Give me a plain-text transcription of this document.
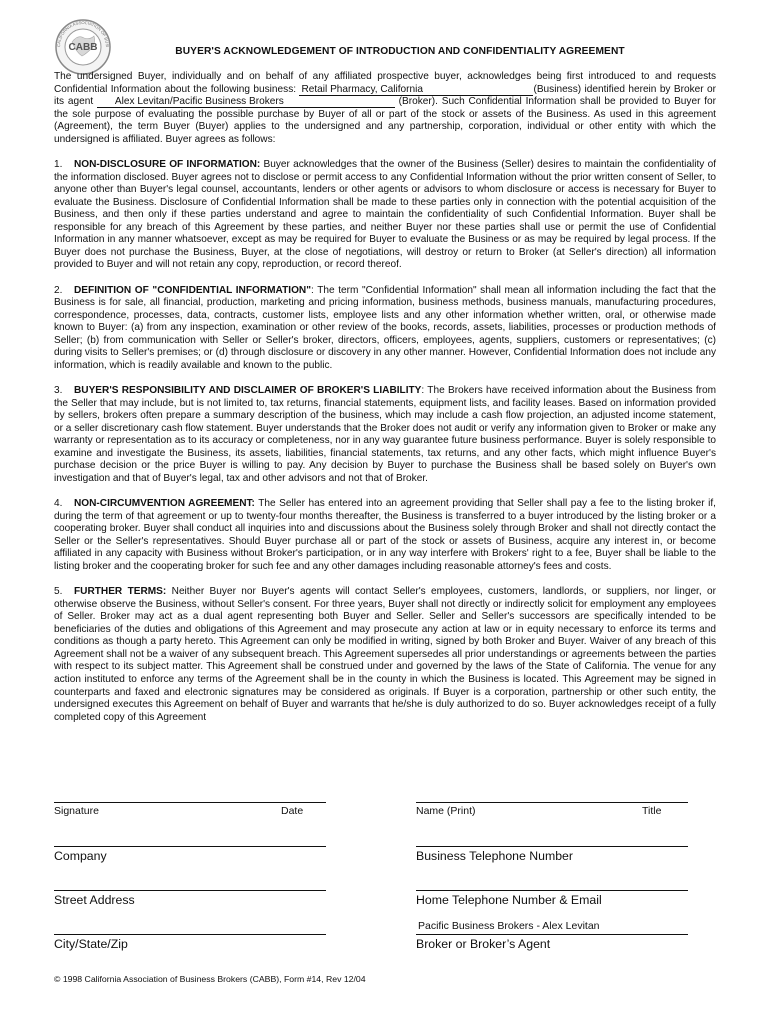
CABB
CALIFORNIA ASSOCIATION OF BUSI	BUYER'S ACKNOWLEDGEMENT OF INTRODUCTION AND CONFIDENTIALITY AGREEMENT

The undersigned Buyer, individually and on behalf of any affiliated prospective buyer, acknowledges being first introduced to and requests Confidential Information about the following business: Retail Pharmacy, California	(Business) identified herein by Broker or its agent Alex Levitan/Pacific Business Brokers	(Broker). Such Confidential Information shall be provided to Buyer for the sole purpose of evaluating the possible purchase by Buyer of all or part of the stock or assets of the Business. As used in this agreement (Agreement), the term Buyer (Buyer) applies to the undersigned and any partnership, corporation, individual or other entity with which the undersigned is affiliated. Buyer agrees as follows:

1. NON-DISCLOSURE OF INFORMATION: Buyer acknowledges that the owner of the Business (Seller) desires to maintain the confidentiality of the information disclosed. Buyer agrees not to disclose or permit access to any Confidential Information without the prior written consent of Seller, to anyone other than Buyer's legal counsel, accountants, lenders or other agents or advisors to whom disclosure or access is necessary for Buyer to evaluate the Business. Disclosure of Confidential Information shall be made to these parties only in connection with the potential acquisition of the Business, and then only if these parties understand and agree to maintain the confidentiality of such Confidential Information. Buyer shall be responsible for any breach of this Agreement by these parties, and neither Buyer nor these parties shall use or permit the use of Confidential Information in any manner whatsoever, except as may be required for Buyer to evaluate the Business or as may be required by legal process. If the Buyer does not purchase the Business, Buyer, at the close of negotiations, will destroy or return to Broker (at Seller's direction) all information provided to Buyer and will not retain any copy, reproduction, or record thereof.

2. DEFINITION OF "CONFIDENTIAL INFORMATION": The term "Confidential Information" shall mean all information including the fact that the Business is for sale, all financial, production, marketing and pricing information, business methods, business manuals, manufacturing procedures, correspondence, processes, data, contracts, customer lists, employee lists and any other information whether written, oral, or otherwise made known to Buyer: (a) from any inspection, examination or other review of the books, records, assets, liabilities, processes or production methods of Seller; (b) from communication with Seller or Seller's broker, directors, officers, employees, agents, suppliers, customers or representatives; (c) during visits to Seller's premises; or (d) through disclosure or discovery in any other manner. However, Confidential Information does not include any information, which is readily available and known to the public.

3. BUYER'S RESPONSIBILITY AND DISCLAIMER OF BROKER'S LIABILITY: The Brokers have received information about the Business from the Seller that may include, but is not limited to, tax returns, financial statements, equipment lists, and facility leases. Based on information provided by sellers, brokers often prepare a summary description of the business, which may include a cash flow projection, an adjusted income statement, or a seller discretionary cash flow statement. Buyer understands that the Broker does not audit or verify any information given to Broker or make any warranty or representation as to its accuracy or completeness, nor in any way guarantee future business performance. Buyer is solely responsible to examine and investigate the Business, its assets, liabilities, financial statements, tax returns, and any other facts, which might influence Buyer's purchase decision or the price Buyer is willing to pay. Any decision by Buyer to purchase the Business shall be based solely on Buyer's own investigation and that of Buyer's legal, tax and other advisors and not that of Broker.

4. NON-CIRCUMVENTION AGREEMENT: The Seller has entered into an agreement providing that Seller shall pay a fee to the listing broker if, during the term of that agreement or up to twenty-four months thereafter, the Business is transferred to a buyer introduced by the listing broker or a cooperating broker. Buyer shall conduct all inquiries into and discussions about the Business solely through Broker and shall not directly contact the Seller or the Seller's representatives. Should Buyer purchase all or part of the stock or assets of Business, acquire any interest in, or become affiliated in any capacity with Business without Broker's participation, or in any way interfere with Brokers' right to a fee, Buyer shall be liable to the listing broker and the cooperating broker for such fee and any other damages including reasonable attorney's fees and costs.

5. FURTHER TERMS: Neither Buyer nor Buyer's agents will contact Seller's employees, customers, landlords, or suppliers, nor linger, or otherwise observe the Business, without Seller's consent. For three years, Buyer shall not directly or indirectly solicit for employment any employees of Seller. Broker may act as a dual agent representing both Buyer and Seller. Seller and Seller's successors are specifically intended to be beneficiaries of the duties and obligations of this Agreement and may prosecute any action at law or in equity necessary to enforce its terms and conditions as though a party hereto. This Agreement can only be modified in writing, signed by both Broker and Buyer. Waiver of any breach of this Agreement shall not be a waiver of any subsequent breach. This Agreement supersedes all prior understandings or agreements between the parties with respect to its subject matter. This Agreement shall be construed under and governed by the laws of the State of California. The venue for any action instituted to enforce any terms of the Agreement shall be in the county in which the Business is located. This Agreement may be signed in counterparts and faxed and electronic signatures may be considered as originals. If Buyer is a corporation, partnership or other such entity, the undersigned executes this Agreement on behalf of Buyer and warrants that he/she is duly authorized to do so. Buyer acknowledges receipt of a fully completed copy of this Agreement

Signature	Date	Name (Print)	Title
Company	Business Telephone Number
Street Address	Home Telephone Number & Email
Pacific Business Brokers - Alex Levitan
City/State/Zip	Broker or Broker’s Agent
© 1998 California Association of Business Brokers (CABB), Form #14, Rev 12/04
